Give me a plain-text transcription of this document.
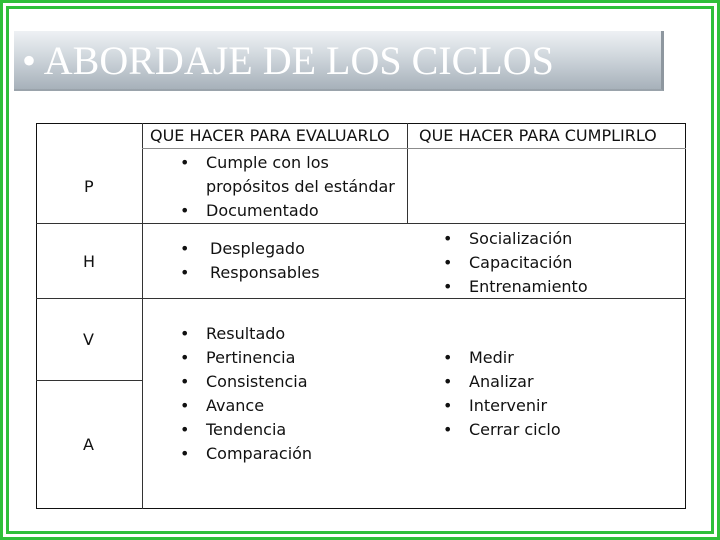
• ABORDAJE DE LOS CICLOS
QUE HACER PARA EVALUARLO QUE HACER PARA CUMPLIRLO
P
H
V
A
• Cumple con los
propósitos del estándar
• Documentado
• Desplegado
• Responsables
• Socialización
• Capacitación
• Entrenamiento
• Resultado
• Pertinencia
• Consistencia
• Avance
• Tendencia
• Comparación
• Medir
• Analizar
• Intervenir
• Cerrar ciclo
